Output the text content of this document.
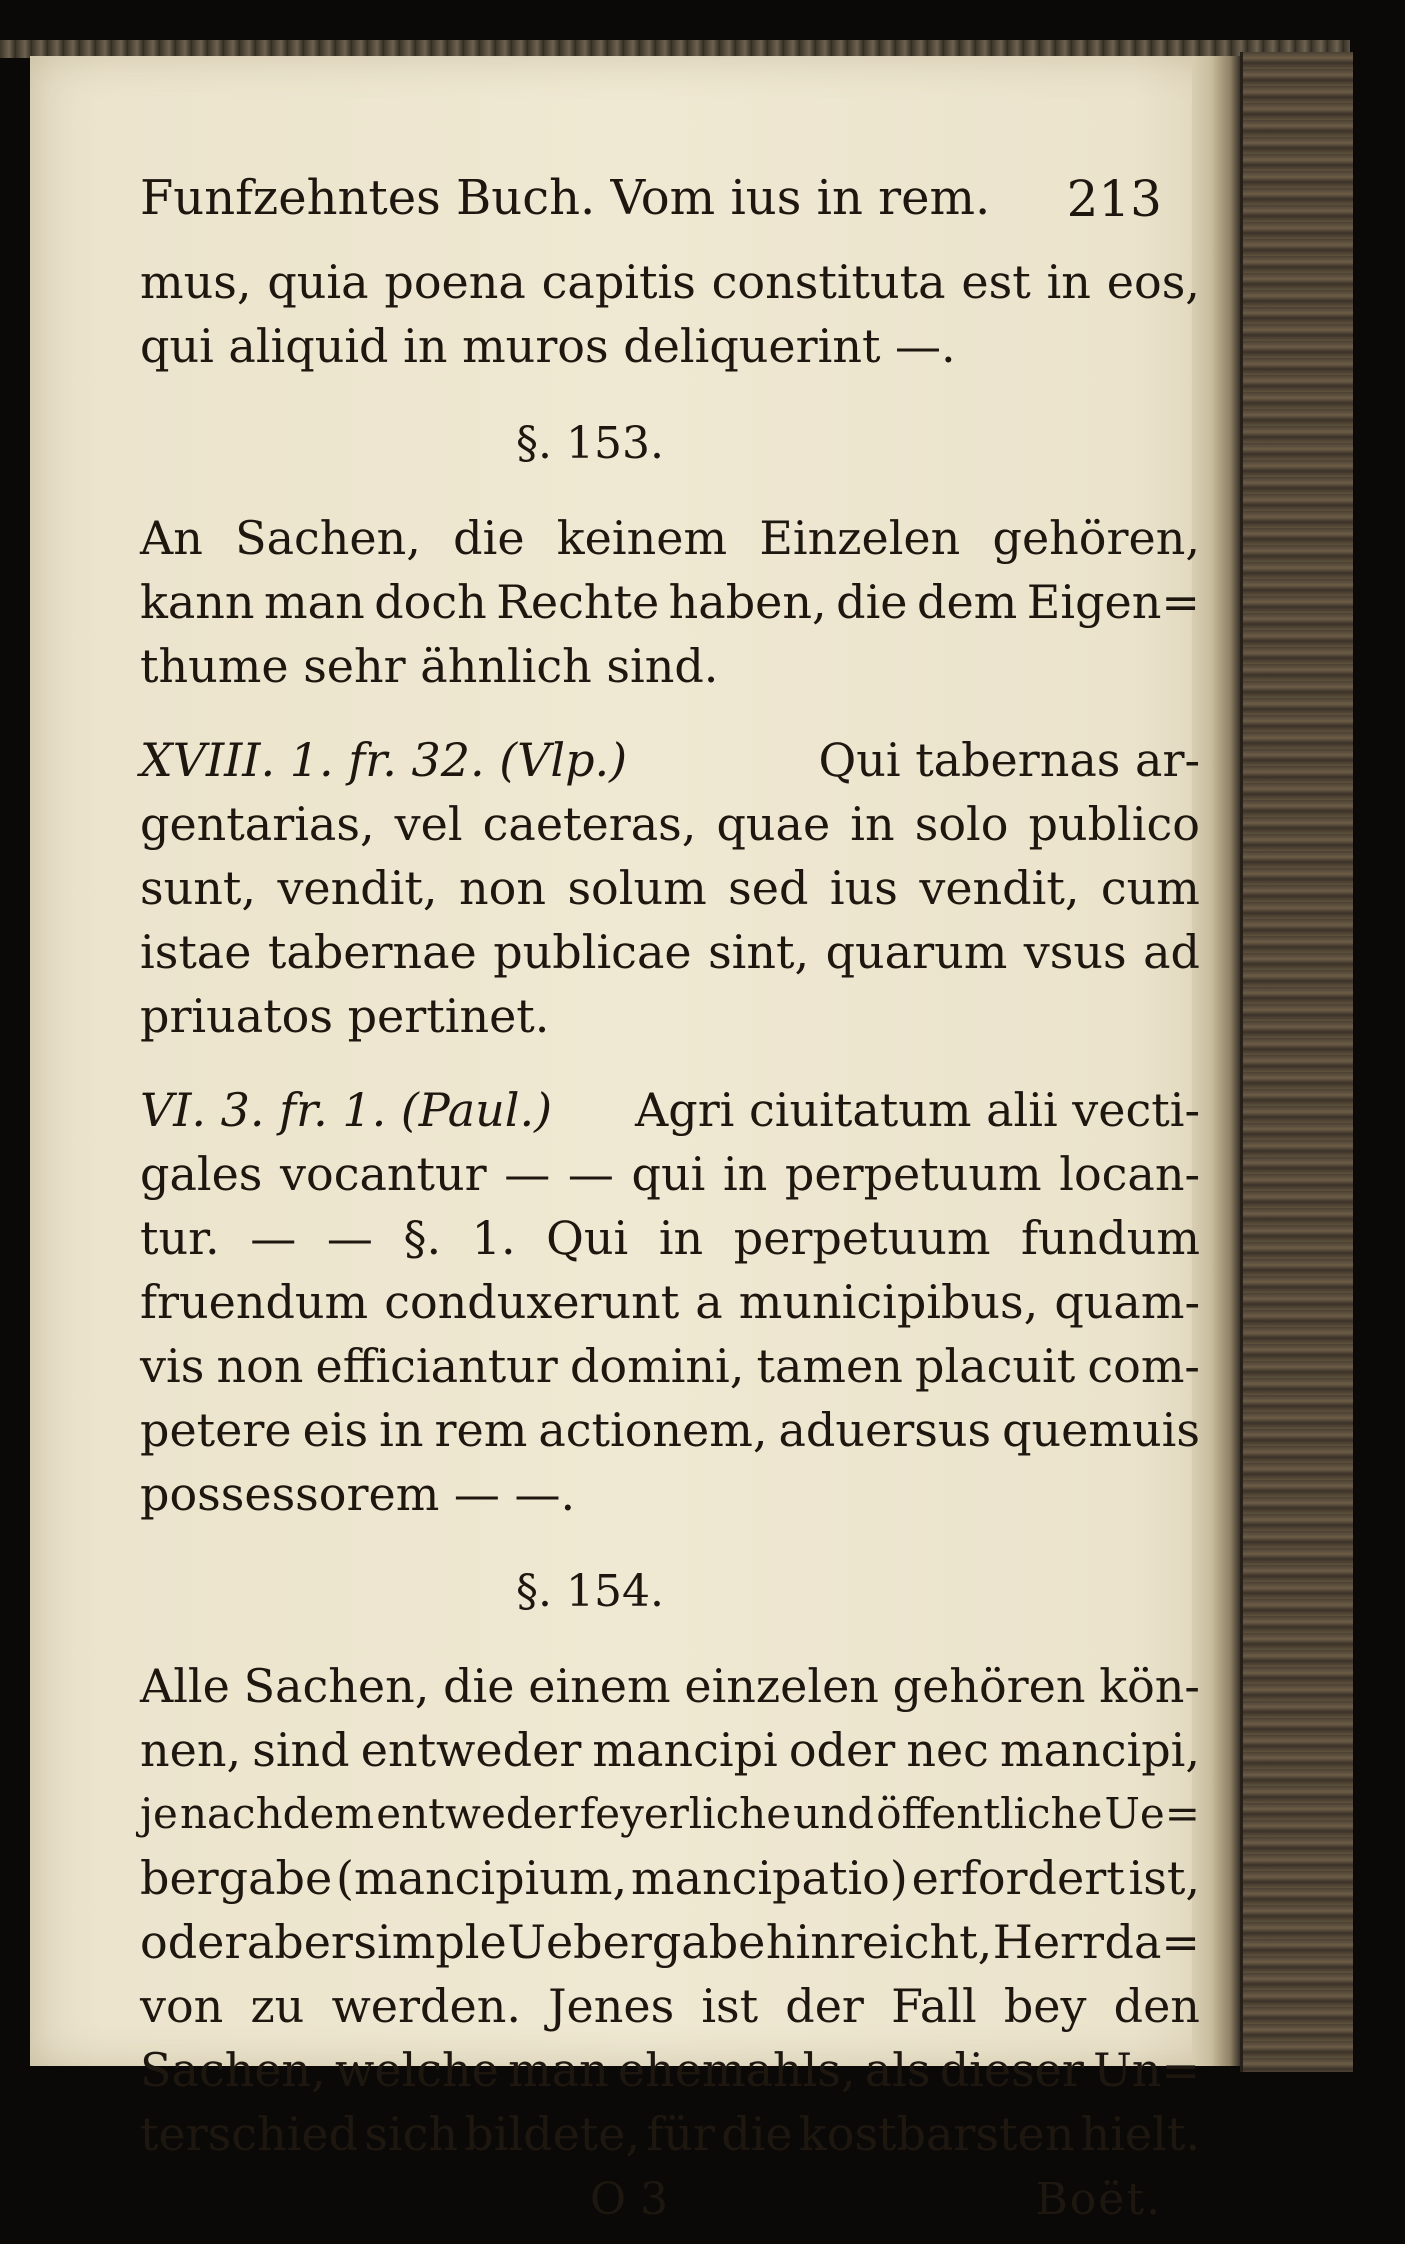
Funfzehntes Buch. Vom ius in rem. 213
mus, quia poena capitis constituta est in eos,
qui aliquid in muros deliquerint —.
§. 153.
An Sachen, die keinem Einzelen gehören,
kann man doch Rechte haben, die dem Eigen=
thume sehr ähnlich sind.
XVIII. 1. fr. 32. (Vlp.)	Qui tabernas ar-
gentarias, vel caeteras, quae in solo publico
sunt, vendit, non solum sed ius vendit, cum
istae tabernae publicae sint, quarum vsus ad
priuatos pertinet.
VI. 3. fr. 1. (Paul.) Agri ciuitatum alii vecti-
gales vocantur — — qui in perpetuum locan-
tur. — — §. 1. Qui in perpetuum fundum
fruendum conduxerunt a municipibus, quam-
vis non efficiantur domini, tamen placuit com-
petere eis in rem actionem, aduersus quemuis
possessorem — —.
§. 154.
Alle Sachen, die einem einzelen gehören kön-
nen, sind entweder mancipi oder nec mancipi,
je nachdem entweder feyerliche und öffentliche Ue=
bergabe (mancipium, mancipatio) erfordert ist,
oder aber simple Uebergabe hinreicht, Herr da=
von zu werden. Jenes ist der Fall bey den
Sachen, welche man ehemahls, als dieser Un=
terschied sich bildete, für die kostbarsten hielt.
O 3	Boët.
